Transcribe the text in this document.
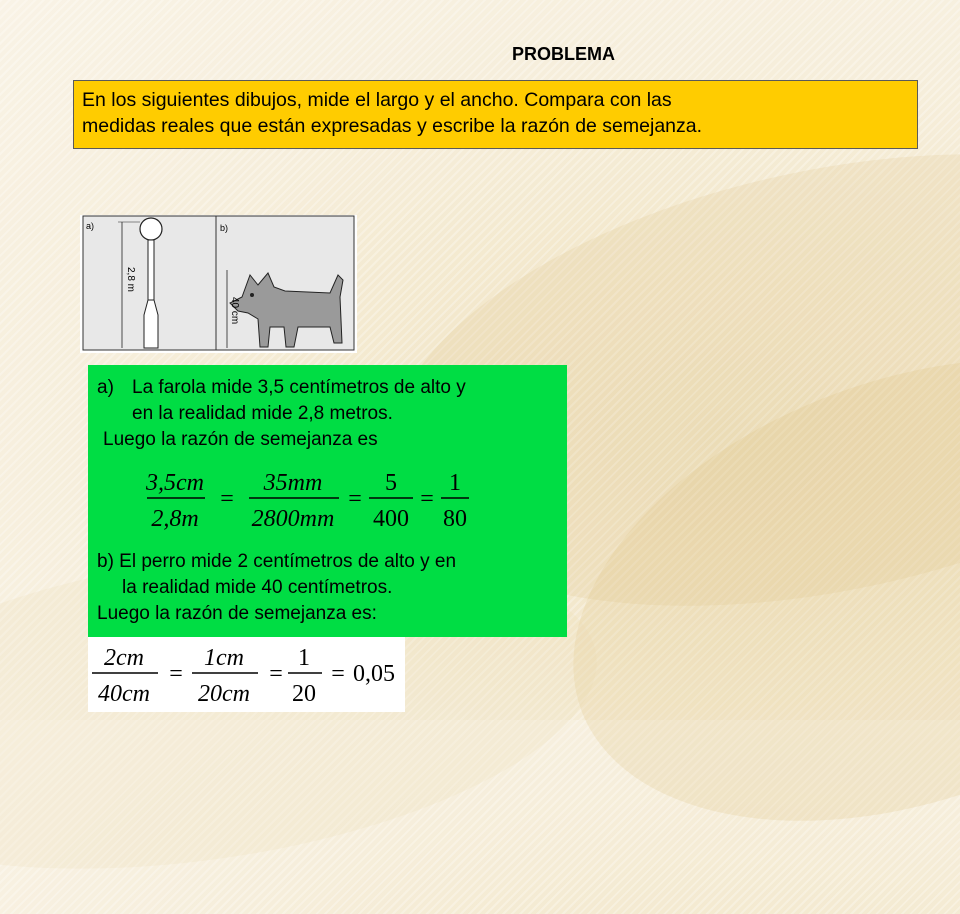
PROBLEMA
En los siguientes dibujos, mide el largo y el ancho. Compara con las
medidas reales que están expresadas y escribe la razón de semejanza.
a)
2,8 m
b)
40 cm
a) La farola mide 3,5 centímetros de alto y
en la realidad mide 2,8 metros.
Luego la razón de semejanza es
3,5cm
2,8m
=
35mm
2800mm
=
5
400
=
1
80
b) El perro mide 2 centímetros de alto y en
la realidad mide 40 centímetros.
Luego la razón de semejanza es:
2cm
40cm
=
1cm
20cm
=
1
20
= 0,05
